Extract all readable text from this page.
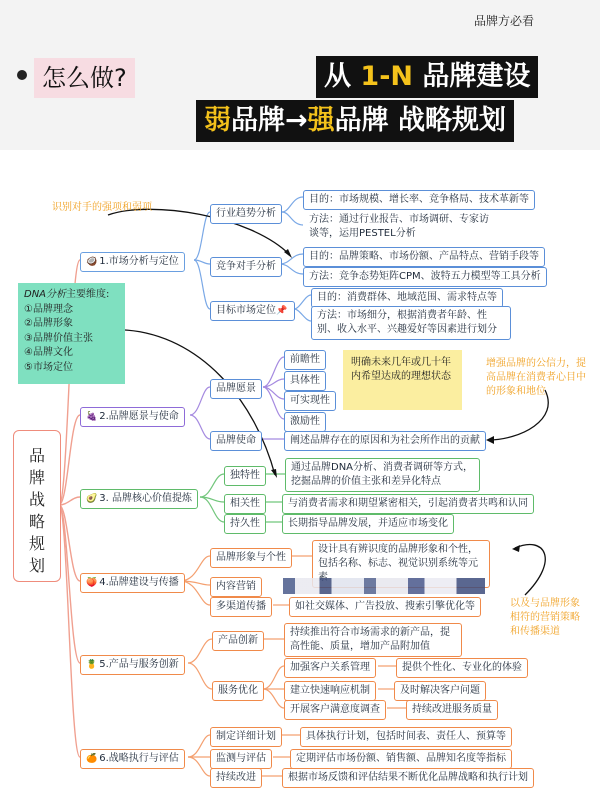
品牌方必看
怎么做?	从 1-N 品牌建设
弱品牌→强品牌 战略规划
识别对手的强项和弱项
增强品牌的公信力，提高品牌在消费者心目中的形象和地位
以及与品牌形象相符的营销策略和传播渠道
DNA分析主要维度:
①品牌理念
②品牌形象
③品牌价值主张
④品牌文化
⑤市场定位
品牌战略规划
🥥 1.市场分析与定位
行业趋势分析
目的：市场规模、增长率、竞争格局、技术革新等
方法：通过行业报告、市场调研、专家访谈等，运用PESTEL分析
竞争对手分析
目的：品牌策略、市场份额、产品特点、营销手段等
方法：竞争态势矩阵CPM、波特五力模型等工具分析
目标市场定位📌
目的：消费群体、地域范围、需求特点等
方法：市场细分，根据消费者年龄、性别、收入水平、兴趣爱好等因素进行划分
🍇 2.品牌愿景与使命
品牌愿景
前瞻性
具体性
可实现性
激励性
明确未来几年或几十年内希望达成的理想状态
品牌使命	阐述品牌存在的原因和为社会所作出的贡献
🥑 3. 品牌核心价值提炼
独特性
通过品牌DNA分析、消费者调研等方式，挖掘品牌的价值主张和差异化特点
相关性	与消费者需求和期望紧密相关，引起消费者共鸣和认同
持久性	长期指导品牌发展，并适应市场变化
🍑 4.品牌建设与传播
品牌形象与个性
设计具有辨识度的品牌形象和个性，包括名称、标志、视觉识别系统等元
内容营销
多渠道传播	如社交媒体、广告投放、搜索引擎优化等
🍍 5.产品与服务创新
产品创新
持续推出符合市场需求的新产品，提高性能、质量，增加产品附加值
服务优化
加强客户关系管理	提供个性化、专业化的体验
建立快速响应机制	及时解决客户问题
开展客户满意度调查	持续改进服务质量
🍊 6.战略执行与评估
制定详细计划	具体执行计划，包括时间表、责任人、预算等
监测与评估	定期评估市场份额、销售额、品牌知名度等指标
持续改进	根据市场反馈和评估结果不断优化品牌战略和执行计划
